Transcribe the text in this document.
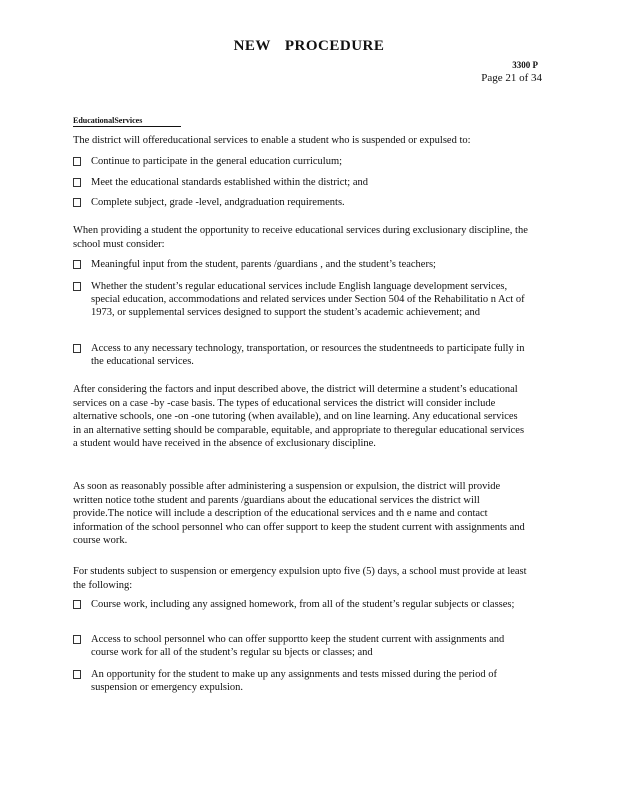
NEW PROCEDURE
3300 P
Page 21 of 34
EducationalServices
The district will offereducational services to enable a student who is suspended or expulsed to:
Continue to participate in the general education curriculum;
Meet the educational standards established within the district; and
Complete subject, grade -level, andgraduation requirements.
When providing a student the opportunity to receive educational services during exclusionary discipline, the school must consider:
Meaningful input from the student, parents /guardians , and the student’s teachers;
Whether the student’s regular educational services include English language development services, special education, accommodations and related services under Section 504 of the Rehabilitatio n Act of 1973, or supplemental services designed to support the student’s academic achievement; and
Access to any necessary technology, transportation, or resources the studentneeds to participate fully in the educational services.
After considering the factors and input described above, the district will determine a student’s educational services on a case -by -case basis. The types of educational services the district will consider include alternative schools, one -on -one tutoring (when available), and on line learning. Any educational services in an alternative setting should be comparable, equitable, and appropriate to theregular educational services a student would have received in the absence of exclusionary discipline.
As soon as reasonably possible after administering a suspension or expulsion, the district will provide written notice tothe student and parents /guardians about the educational services the district will provide.The notice will include a description of the educational services and th e name and contact information of the school personnel who can offer support to keep the student current with assignments and course work.
For students subject to suspension or emergency expulsion upto five (5) days, a school must provide at least the following:
Course work, including any assigned homework, from all of the student’s regular subjects or classes;
Access to school personnel who can offer supportto keep the student current with assignments and course work for all of the student’s regular su bjects or classes; and
An opportunity for the student to make up any assignments and tests missed during the period of suspension or emergency expulsion.
